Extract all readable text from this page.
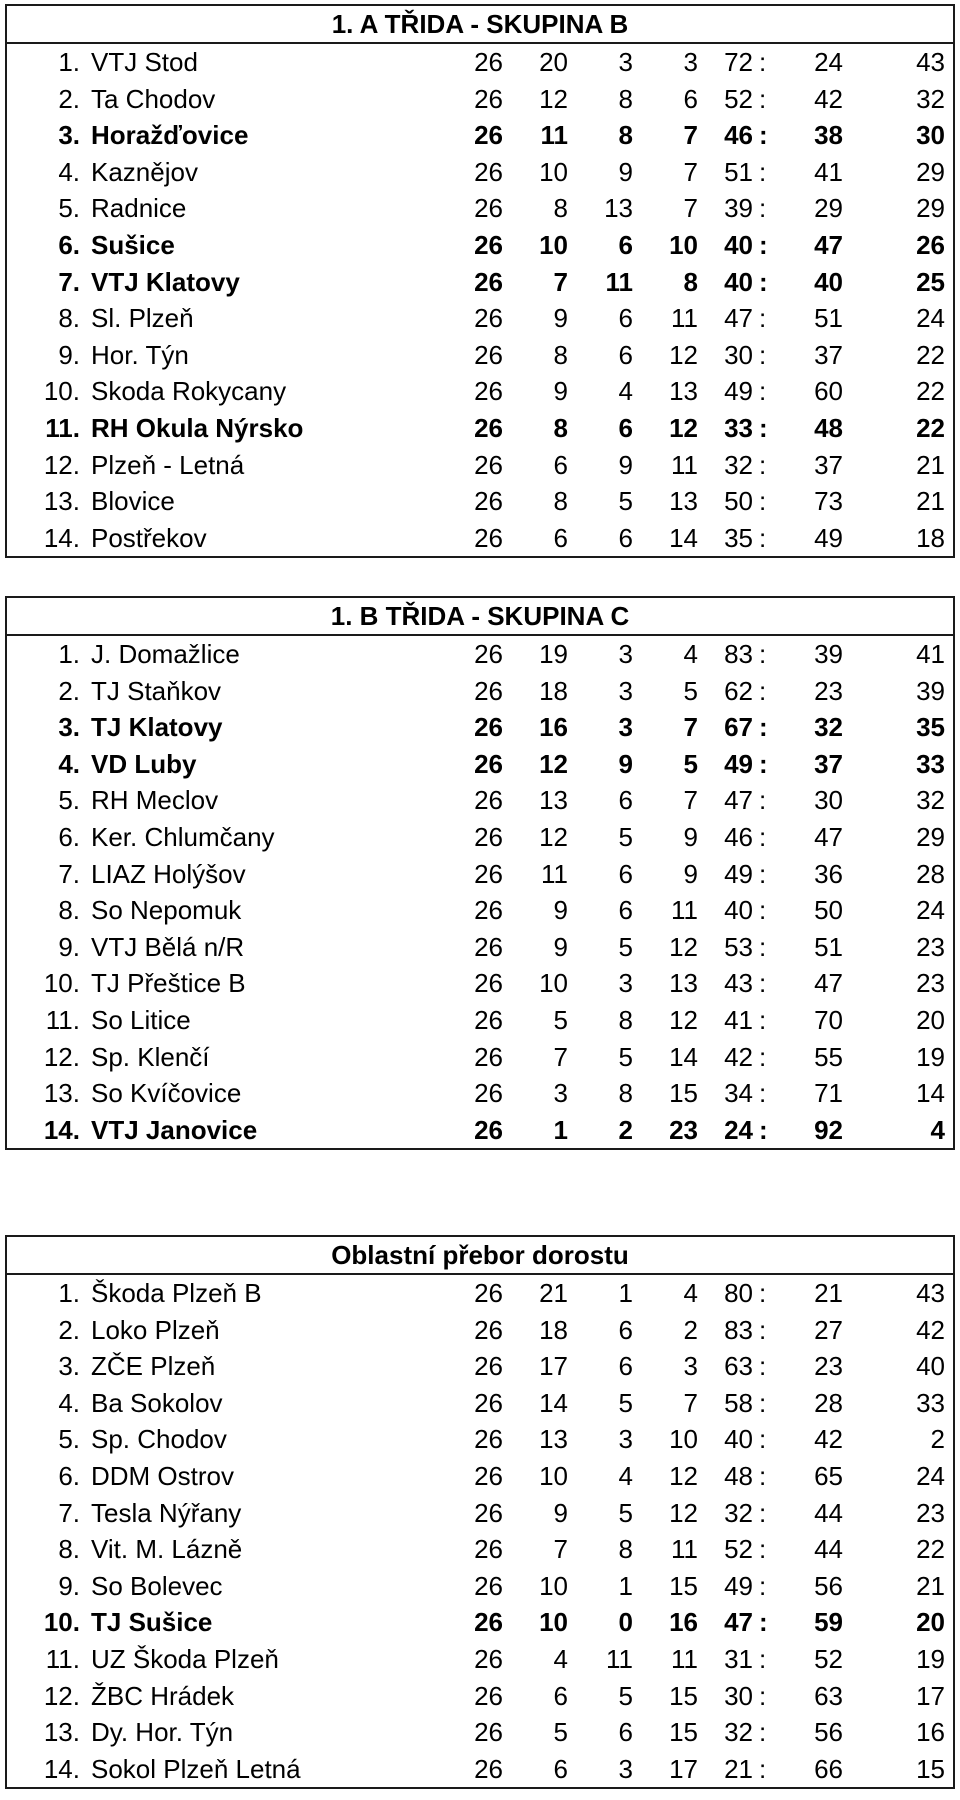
1. A TŘIDA - SKUPINA B
1. VTJ Stod	26 20 3 3 72 : 24	43
2. Ta Chodov	26 12 8 6 52 : 42	32
3. Horažďovice	26 11 8 7 46 : 38	30
4. Kaznějov	26 10 9 7 51 : 41	29
5. Radnice	26 8 13 7 39 : 29	29
6. Sušice	26 10 6 10 40 : 47	26
7. VTJ Klatovy	26 7 11 8 40 : 40	25
8. Sl. Plzeň	26 9 6 11 47 : 51	24
9. Hor. Týn	26 8 6 12 30 : 37	22
10. Skoda Rokycany	26 9 4 13 49 : 60	22
11. RH Okula Nýrsko	26 8 6 12 33 : 48	22
12. Plzeň - Letná	26 6 9 11 32 : 37	21
13. Blovice	26 8 5 13 50 : 73	21
14. Postřekov	26 6 6 14 35 : 49	18
1. B TŘIDA - SKUPINA C
1. J. Domažlice	26 19 3 4 83 : 39	41
2. TJ Staňkov	26 18 3 5 62 : 23	39
3. TJ Klatovy	26 16 3 7 67 : 32	35
4. VD Luby	26 12 9 5 49 : 37	33
5. RH Meclov	26 13 6 7 47 : 30	32
6. Ker. Chlumčany	26 12 5 9 46 : 47	29
7. LIAZ Holýšov	26 11 6 9 49 : 36	28
8. So Nepomuk	26 9 6 11 40 : 50	24
9. VTJ Bělá n/R	26 9 5 12 53 : 51	23
10. TJ Přeštice B	26 10 3 13 43 : 47	23
11. So Litice	26 5 8 12 41 : 70	20
12. Sp. Klenčí	26 7 5 14 42 : 55	19
13. So Kvíčovice	26 3 8 15 34 : 71	14
14. VTJ Janovice	26 1 2 23 24 : 92	4
Oblastní přebor dorostu
1. Škoda Plzeň B	26 21 1 4 80 : 21	43
2. Loko Plzeň	26 18 6 2 83 : 27	42
3. ZČE Plzeň	26 17 6 3 63 : 23	40
4. Ba Sokolov	26 14 5 7 58 : 28	33
5. Sp. Chodov	26 13 3 10 40 : 42	2
6. DDM Ostrov	26 10 4 12 48 : 65	24
7. Tesla Nýřany	26 9 5 12 32 : 44	23
8. Vit. M. Lázně	26 7 8 11 52 : 44	22
9. So Bolevec	26 10 1 15 49 : 56	21
10. TJ Sušice	26 10 0 16 47 : 59	20
11. UZ Škoda Plzeň	26 4 11 11 31 : 52	19
12. ŽBC Hrádek	26 6 5 15 30 : 63	17
13. Dy. Hor. Týn	26 5 6 15 32 : 56	16
14. Sokol Plzeň Letná	26 6 3 17 21 : 66	15
